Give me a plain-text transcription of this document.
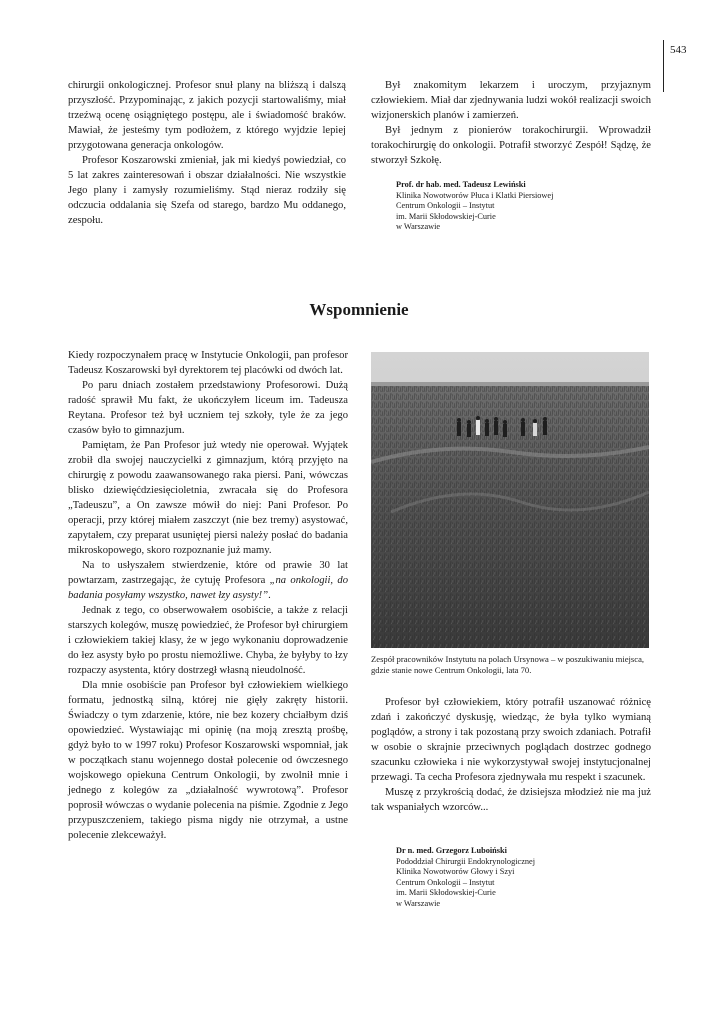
543

chirurgii onkologicznej. Profesor snuł plany na bliższą i dalszą przyszłość. Przypominając, z jakich pozycji startowaliśmy, miał trzeźwą ocenę osiągniętego postępu, ale i świadomość braków. Mawiał, że jesteśmy tym podłożem, z którego wyjdzie lepiej przygotowana generacja onkologów.

Profesor Koszarowski zmieniał, jak mi kiedyś powiedział, co 5 lat zakres zainteresowań i obszar działalności. Nie wszystkie Jego plany i zamysły rozumieliśmy. Stąd nieraz rodziły się odczucia oddalania się Szefa od starego, bardzo Mu oddanego, zespołu.

Był znakomitym lekarzem i uroczym, przyjaznym człowiekiem. Miał dar zjednywania ludzi wokół realizacji swoich wizjonerskich planów i zamierzeń.

Był jednym z pionierów torakochirurgii. Wprowadził torakochirurgię do onkologii. Potrafił stworzyć Zespół! Sądzę, że stworzył Szkołę.

Prof. dr hab. med. Tadeusz Lewiński
Klinika Nowotworów Płuca i Klatki Piersiowej
Centrum Onkologii – Instytut
im. Marii Skłodowskiej-Curie
w Warszawie
Wspomnienie

Kiedy rozpoczynałem pracę w Instytucie Onkologii, pan profesor Tadeusz Koszarowski był dyrektorem tej placówki od dwóch lat.

Po paru dniach zostałem przedstawiony Profesorowi. Dużą radość sprawił Mu fakt, że ukończyłem liceum im. Tadeusza Reytana. Profesor też był uczniem tej szkoły, tyle że za jego czasów było to gimnazjum.

Pamiętam, że Pan Profesor już wtedy nie operował. Wyjątek zrobił dla swojej nauczycielki z gimnazjum, którą przyjęto na chirurgię z powodu zaawansowanego raka piersi. Pani, wówczas blisko dziewięćdziesięcioletnia, zwracała się do Profesora „Tadeuszu”, a On zawsze mówił do niej: Pani Profesor. Po operacji, przy której miałem zaszczyt (nie bez tremy) asystować, zapytałem, czy preparat usuniętej piersi należy posłać do badania mikroskopowego, skoro rozpoznanie już mamy.

Na to usłyszałem stwierdzenie, które od prawie 30 lat powtarzam, zastrzegając, że cytuję Profesora „na onkologii, do badania posyłamy wszystko, nawet łzy asysty!”.

Jednak z tego, co obserwowałem osobiście, a także z relacji starszych kolegów, muszę powiedzieć, że Profesor był chirurgiem i człowiekiem takiej klasy, że w jego wykonaniu doprowadzenie do łez asysty było po prostu niemożliwe. Chyba, że byłyby to łzy rozpaczy asystenta, który dostrzegł własną nieudolność.

Dla mnie osobiście pan Profesor był człowiekiem wielkiego formatu, jednostką silną, której nie gięły zakręty historii. Świadczy o tym zdarzenie, które, nie bez kozery chciałbym dziś opowiedzieć. Wystawiając mi opinię (na moją zresztą prośbę, gdyż było to w 1997 roku) Profesor Koszarowski wspomniał, jak w początkach stanu wojennego dostał polecenie od ówczesnego wojskowego opiekuna Centrum Onkologii, by zwolnił mnie i jednego z kolegów za „działalność wywrotową”. Profesor poprosił wówczas o wydanie polecenia na piśmie. Zgodnie z Jego przypuszczeniem, takiego pisma nigdy nie otrzymał, a ustne polecenie zlekceważył.

Zespół pracowników Instytutu na polach Ursynowa – w poszukiwaniu miejsca, gdzie stanie nowe Centrum Onkologii, lata 70.

Profesor był człowiekiem, który potrafił uszanować różnicę zdań i zakończyć dyskusję, wiedząc, że była tylko wymianą poglądów, a strony i tak pozostaną przy swoich zdaniach. Potrafił w osobie o skrajnie przeciwnych poglądach dostrzec godnego szacunku człowieka i nie wykorzystywał swojej instytucjonalnej przewagi. Ta cecha Profesora zjednywała mu respekt i szacunek.

Muszę z przykrością dodać, że dzisiejsza młodzież nie ma już tak wspaniałych wzorców...

Dr n. med. Grzegorz Luboiński
Pododdział Chirurgii Endokrynologicznej
Klinika Nowotworów Głowy i Szyi
Centrum Onkologii – Instytut
im. Marii Skłodowskiej-Curie
w Warszawie
